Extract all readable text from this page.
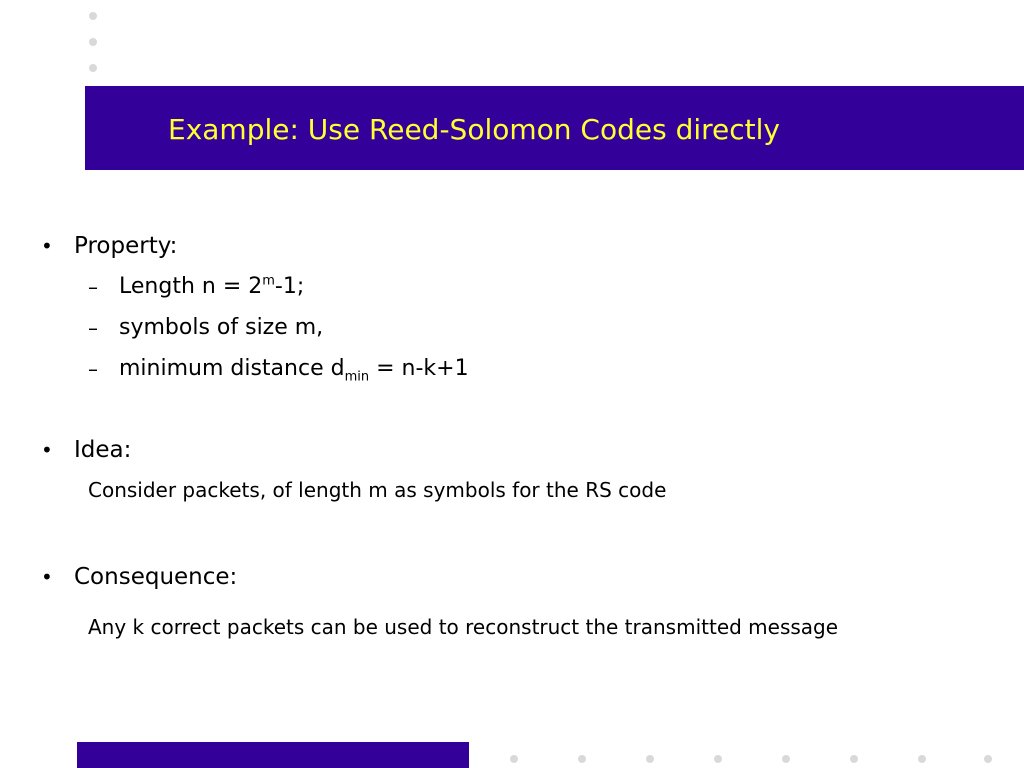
Example: Use Reed-Solomon Codes directly
• Property:
– Length $n = 2^m-1$;
– symbols of size m,
– minimum distance $d_{min} = n-k+1$
• Idea:
Consider packets, of length m as symbols for the RS code
• Consequence:
Any k correct packets can be used to reconstruct the transmitted message
